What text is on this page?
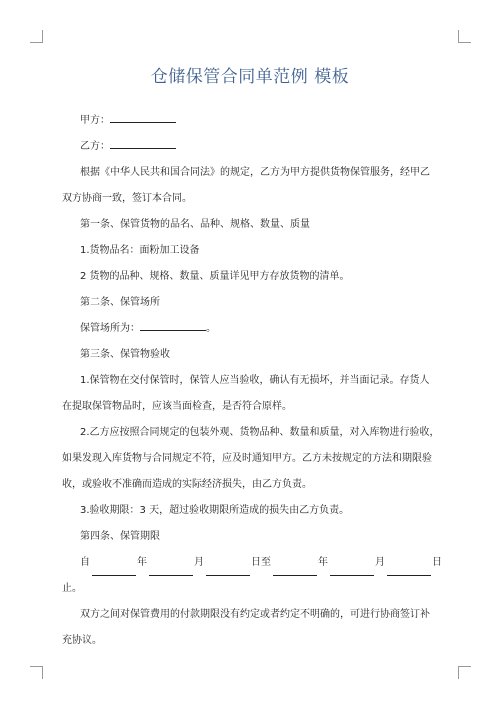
仓储保管合同单范例 模板

甲方：

乙方：

根据《中华人民共和国合同法》的规定，乙方为甲方提供货物保管服务，经甲乙

双方协商一致，签订本合同。

第一条、保管货物的品名、品种、规格、数量、质量

1.货物品名：面粉加工设备

2 货物的品种、规格、数量、质量详见甲方存放货物的清单。

第二条、保管场所

保管场所为：	。

第三条、保管物验收

1.保管物在交付保管时，保管人应当验收，确认有无损坏，并当面记录。存货人

在提取保管物品时，应该当面检查，是否符合原样。

2.乙方应按照合同规定的包装外观、货物品种、数量和质量，对入库物进行验收，

如果发现入库货物与合同规定不符，应及时通知甲方。乙方未按规定的方法和期限验

收，或验收不准确而造成的实际经济损失，由乙方负责。

3.验收期限：3 天，超过验收期限所造成的损失由乙方负责。

第四条、保管期限

自	年	月	日至	年	月	日

止。

双方之间对保管费用的付款期限没有约定或者约定不明确的，可进行协商签订补

充协议。
